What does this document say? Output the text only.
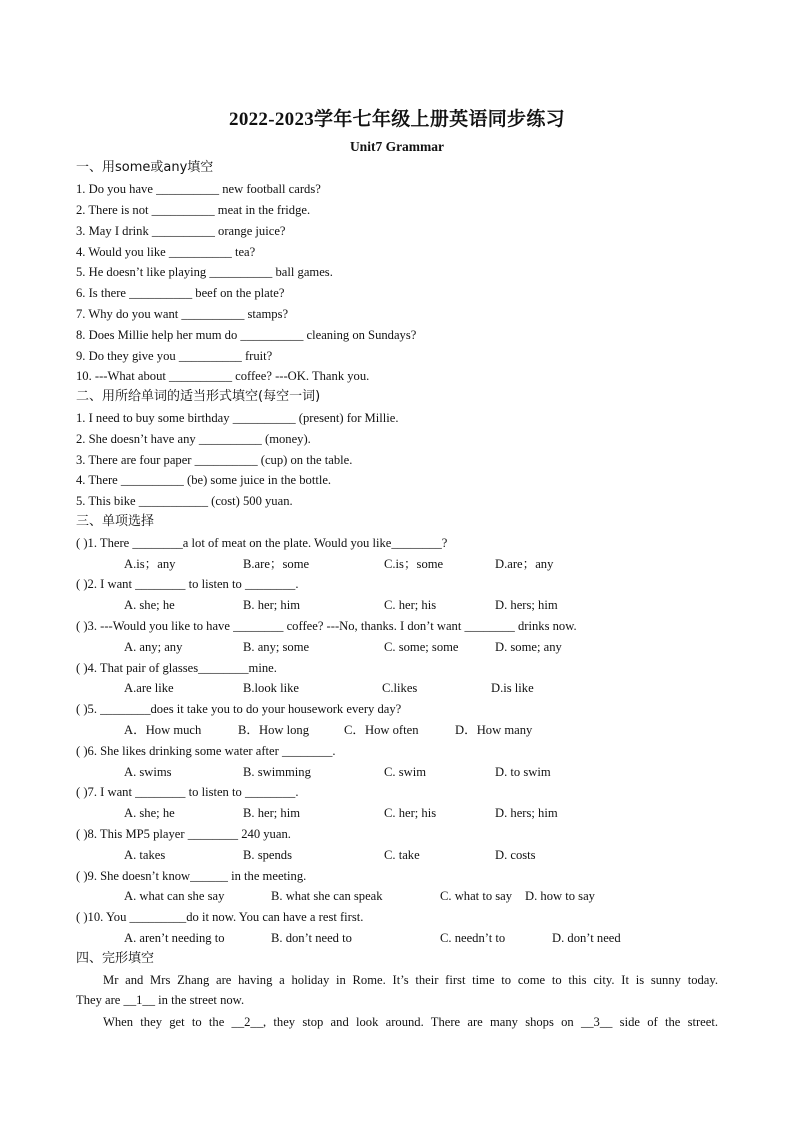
2022-2023学年七年级上册英语同步练习
Unit7 Grammar
一、用some或any填空
1. Do you have __________ new football cards?
2. There is not __________ meat in the fridge.
3. May I drink __________ orange juice?
4. Would you like __________ tea?
5. He doesn’t like playing __________ ball games.
6. Is there __________ beef on the plate?
7. Why do you want __________ stamps?
8. Does Millie help her mum do __________ cleaning on Sundays?
9. Do they give you __________ fruit?
10. ---What about __________ coffee? ---OK. Thank you.
二、用所给单词的适当形式填空(每空一词)
1. I need to buy some birthday __________ (present) for Millie.
2. She doesn’t have any __________ (money).
3. There are four paper __________ (cup) on the table.
4. There __________ (be) some juice in the bottle.
5. This bike ___________ (cost) 500 yuan.
三、单项选择
( )1. There ________a lot of meat on the plate. Would you like________?
A.is；any	B.are；some	C.is；some	D.are；any
( )2. I want ________ to listen to ________.
A. she; he	B. her; him	C. her; his	D. hers; him
( )3. ---Would you like to have ________ coffee? ---No, thanks. I don’t want ________ drinks now.
A. any; any	B. any; some	C. some; some	D. some; any
( )4. That pair of glasses________mine.
A.are like	B.look like	C.likes	D.is like
( )5. ________does it take you to do your housework every day?
A．How much	B．How long	C．How often	D．How many
( )6. She likes drinking some water after ________.
A. swims	B. swimming	C. swim	D. to swim
( )7. I want ________ to listen to ________.
A. she; he	B. her; him	C. her; his	D. hers; him
( )8. This MP5 player ________ 240 yuan.
A. takes	B. spends	C. take	D. costs
( )9. She doesn’t know______ in the meeting.
A. what can she say	B. what she can speak	C. what to say D. how to say
( )10. You _________do it now. You can have a rest first.
A. aren’t needing to	B. don’t need to	C. needn’t to	D. don’t need
四、完形填空
Mr and Mrs Zhang are having a holiday in Rome. It’s their first time to come to this city. It is sunny today.
They are __1__ in the street now.
When they get to the __2__, they stop and look around. There are many shops on __3__ side of the street.
